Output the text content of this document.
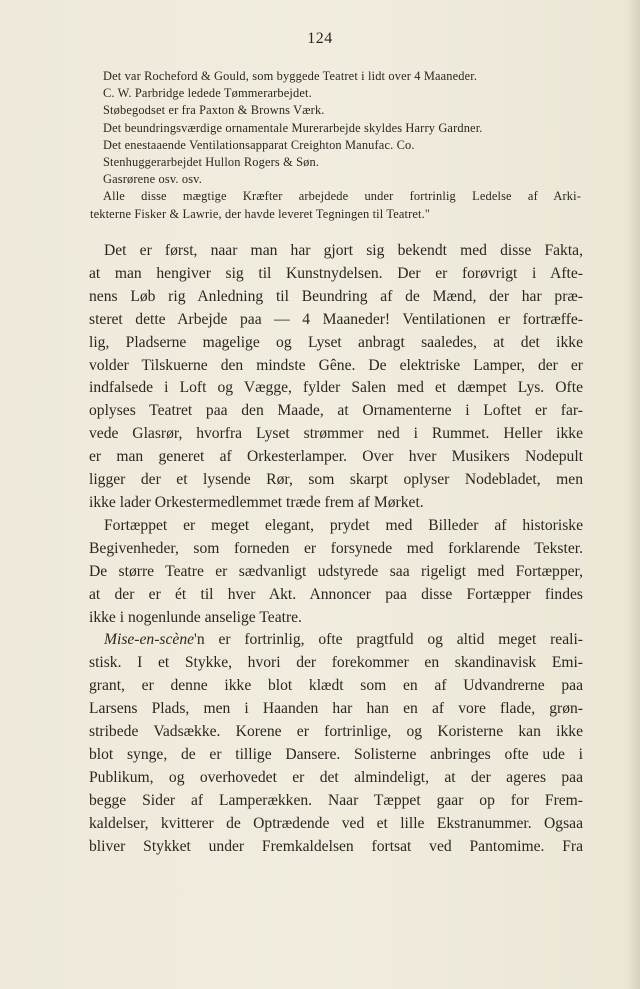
124
Det var Rocheford & Gould, som byggede Teatret i lidt over 4 Maaneder.
C. W. Parbridge ledede Tømmerarbejdet.
Støbegodset er fra Paxton & Browns Værk.
Det beundringsværdige ornamentale Murerarbejde skyldes Harry Gardner.
Det enestaaende Ventilationsapparat Creighton Manufac. Co.
Stenhuggerarbejdet Hullon Rogers & Søn.
Gasrørene osv. osv.
Alle disse mægtige Kræfter arbejdede under fortrinlig Ledelse af Arki-
tekterne Fisker & Lawrie, der havde leveret Tegningen til Teatret."
Det er først, naar man har gjort sig bekendt med disse Fakta,
at man hengiver sig til Kunstnydelsen. Der er forøvrigt i Afte-
nens Løb rig Anledning til Beundring af de Mænd, der har præ-
steret dette Arbejde paa — 4 Maaneder! Ventilationen er fortræffe-
lig, Pladserne magelige og Lyset anbragt saaledes, at det ikke
volder Tilskuerne den mindste Gêne. De elektriske Lamper, der er
indfalsede i Loft og Vægge, fylder Salen med et dæmpet Lys. Ofte
oplyses Teatret paa den Maade, at Ornamenterne i Loftet er far-
vede Glasrør, hvorfra Lyset strømmer ned i Rummet. Heller ikke
er man generet af Orkesterlamper. Over hver Musikers Nodepult
ligger der et lysende Rør, som skarpt oplyser Nodebladet, men
ikke lader Orkestermedlemmet træde frem af Mørket.
Fortæppet er meget elegant, prydet med Billeder af historiske
Begivenheder, som forneden er forsynede med forklarende Tekster.
De større Teatre er sædvanligt udstyrede saa rigeligt med Fortæpper,
at der er ét til hver Akt. Annoncer paa disse Fortæpper findes
ikke i nogenlunde anselige Teatre.
Mise-en-scène'n er fortrinlig, ofte pragtfuld og altid meget reali-
stisk. I et Stykke, hvori der forekommer en skandinavisk Emi-
grant, er denne ikke blot klædt som en af Udvandrerne paa
Larsens Plads, men i Haanden har han en af vore flade, grøn-
stribede Vadsække. Korene er fortrinlige, og Koristerne kan ikke
blot synge, de er tillige Dansere. Solisterne anbringes ofte ude i
Publikum, og overhovedet er det almindeligt, at der ageres paa
begge Sider af Lamperækken. Naar Tæppet gaar op for Frem-
kaldelser, kvitterer de Optrædende ved et lille Ekstranummer. Ogsaa
bliver Stykket under Fremkaldelsen fortsat ved Pantomime. Fra
